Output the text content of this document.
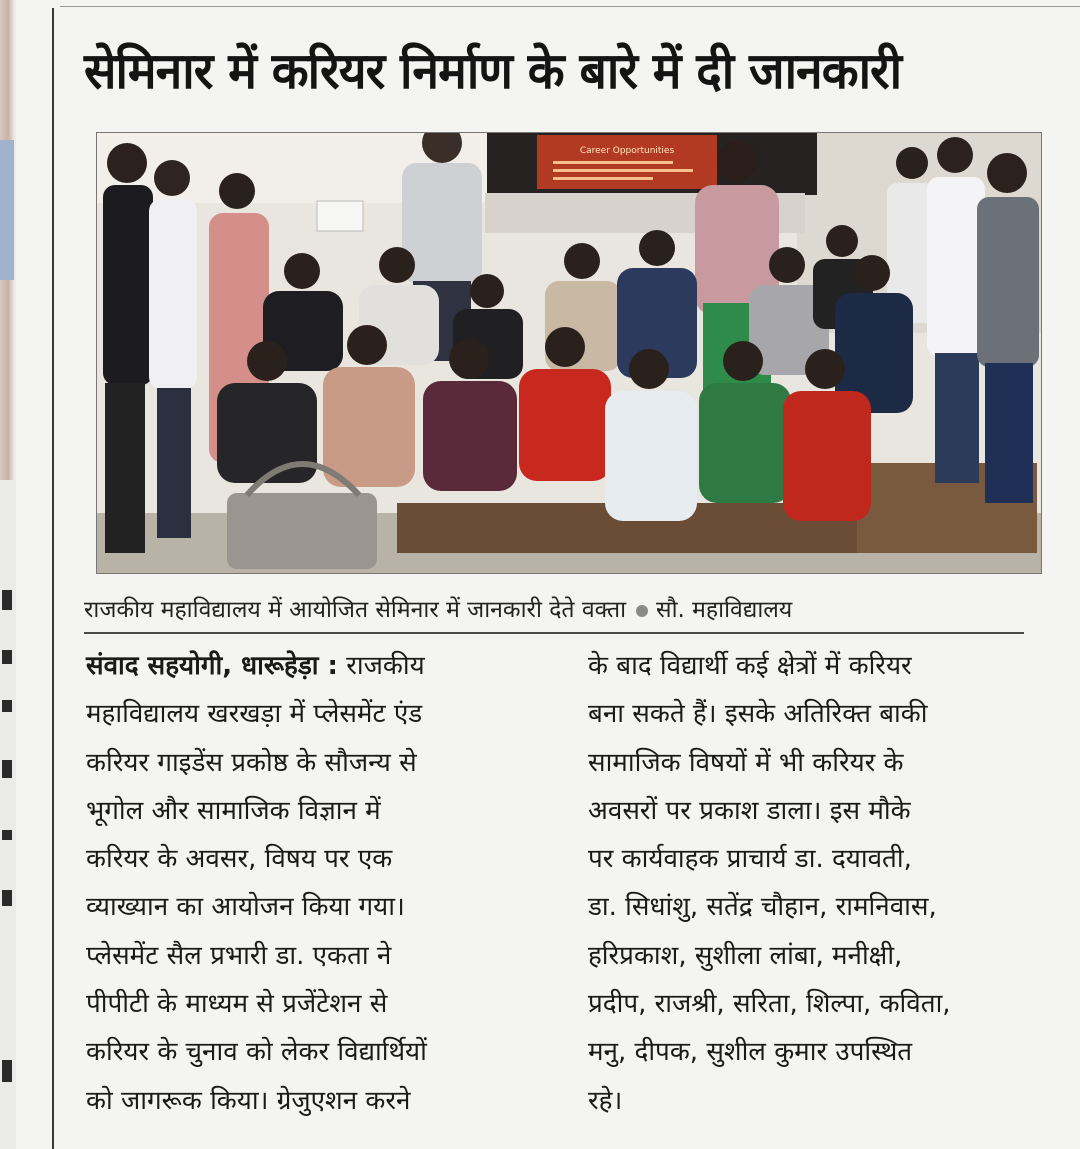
सेमिनार में करियर निर्माण के बारे में दी जानकारी
Career Opportunities
राजकीय महाविद्यालय में आयोजित सेमिनार में जानकारी देते वक्ता सौ. महाविद्यालय
संवाद सहयोगी, धारूहेड़ा : राजकीय
महाविद्यालय खरखड़ा में प्लेसमेंट एंड
करियर गाइडेंस प्रकोष्ठ के सौजन्य से
भूगोल और सामाजिक विज्ञान में
करियर के अवसर, विषय पर एक
व्याख्यान का आयोजन किया गया।
प्लेसमेंट सैल प्रभारी डा. एकता ने
पीपीटी के माध्यम से प्रजेंटेशन से
करियर के चुनाव को लेकर विद्यार्थियों
को जागरूक किया। ग्रेजुएशन करने
के बाद विद्यार्थी कई क्षेत्रों में करियर
बना सकते हैं। इसके अतिरिक्त बाकी
सामाजिक विषयों में भी करियर के
अवसरों पर प्रकाश डाला। इस मौके
पर कार्यवाहक प्राचार्य डा. दयावती,
डा. सिधांशु, सतेंद्र चौहान, रामनिवास,
हरिप्रकाश, सुशीला लांबा, मनीक्षी,
प्रदीप, राजश्री, सरिता, शिल्पा, कविता,
मनु, दीपक, सुशील कुमार उपस्थित
रहे।
